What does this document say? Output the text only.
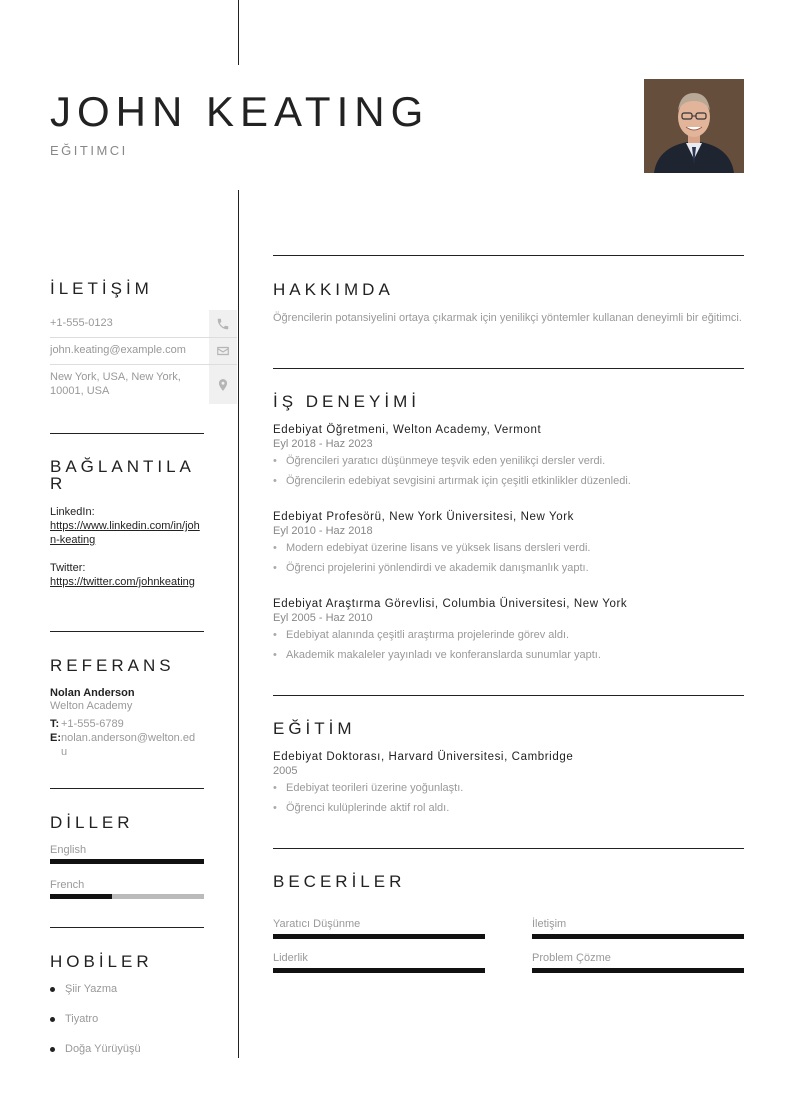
JOHN KEATING
EĞITIMCI
İLETİŞİM
+1-555-0123
john.keating@example.com
New York, USA, New York, 10001, USA
BAĞLANTILA
R
LinkedIn:
https://www.linkedin.com/in/john-keating
Twitter:
https://twitter.com/johnkeating
REFERANS
Nolan Anderson
Welton Academy
T: +1-555-6789
E: nolan.anderson@welton.edu
DİLLER
English
French
HOBİLER
Şiir Yazma
Tiyatro
Doğa Yürüyüşü
HAKKIMDA
Öğrencilerin potansiyelini ortaya çıkarmak için yenilikçi yöntemler kullanan deneyimli bir eğitimci.
İŞ DENEYİMİ
Edebiyat Öğretmeni, Welton Academy, Vermont
Eyl 2018 - Haz 2023
• Öğrencileri yaratıcı düşünmeye teşvik eden yenilikçi dersler verdi.
• Öğrencilerin edebiyat sevgisini artırmak için çeşitli etkinlikler düzenledi.
Edebiyat Profesörü, New York Üniversitesi, New York
Eyl 2010 - Haz 2018
• Modern edebiyat üzerine lisans ve yüksek lisans dersleri verdi.
• Öğrenci projelerini yönlendirdi ve akademik danışmanlık yaptı.
Edebiyat Araştırma Görevlisi, Columbia Üniversitesi, New York
Eyl 2005 - Haz 2010
• Edebiyat alanında çeşitli araştırma projelerinde görev aldı.
• Akademik makaleler yayınladı ve konferanslarda sunumlar yaptı.
EĞİTİM
Edebiyat Doktorası, Harvard Üniversitesi, Cambridge
2005
• Edebiyat teorileri üzerine yoğunlaştı.
• Öğrenci kulüplerinde aktif rol aldı.
BECERİLER
Yaratıcı Düşünme	İletişim
Liderlik	Problem Çözme
